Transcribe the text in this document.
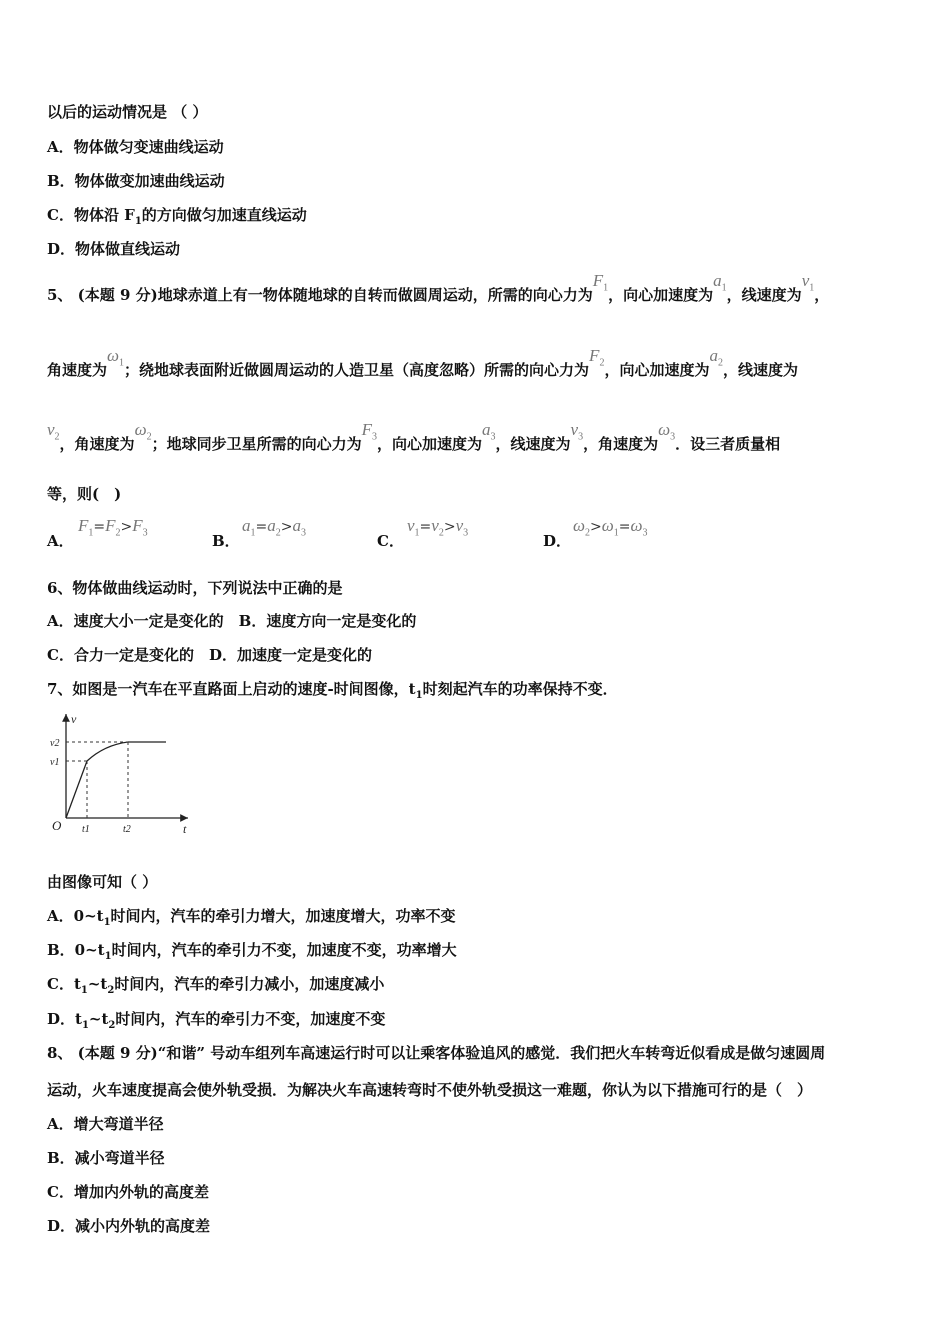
以后的运动情况是 （ ）
A．物体做匀变速曲线运动
B．物体做变加速曲线运动
C．物体沿 $F_1$的方向做匀加速直线运动
D．物体做直线运动
5、 (本题 9 分)地球赤道上有一物体随地球的自转而做圆周运动，所需的向心力为$F_1$，向心加速度为$a_1$，线速度为$v_1$，
角速度为$\omega_1$；绕地球表面附近做圆周运动的人造卫星（高度忽略）所需的向心力为$F_2$，向心加速度为$a_2$，线速度为
$v_2$，角速度为$\omega_2$；地球同步卫星所需的向心力为$F_3$，向心加速度为$a_3$，线速度为$v_3$，角速度为$\omega_3$．设三者质量相
等，则(　)
A．
$F_1=F_2>F_3$	B．
$a_1=a_2>a_3$	C．
$v_1=v_2>v_3$	D．
$\omega_2>\omega_1=\omega_3$
6、物体做曲线运动时，下列说法中正确的是
A．速度大小一定是变化的　B．速度方向一定是变化的
C．合力一定是变化的　D．加速度一定是变化的
7、如图是一汽车在平直路面上启动的速度-时间图像，$t_1$时刻起汽车的功率保持不变．
v
t
O
v2
v1
t1	t2
由图像可知（ ）
A．$0\sim t_1$时间内，汽车的牵引力增大，加速度增大，功率不变
B．$0\sim t_1$时间内，汽车的牵引力不变，加速度不变，功率增大
C．$t_1\sim t_2$时间内，汽车的牵引力减小，加速度减小
D．$t_1\sim t_2$时间内，汽车的牵引力不变，加速度不变
8、 (本题 9 分)“和谐” 号动车组列车高速运行时可以让乘客体验追风的感觉．我们把火车转弯近似看成是做匀速圆周
运动，火车速度提高会使外轨受损．为解决火车高速转弯时不使外轨受损这一难题，你认为以下措施可行的是（　）
A．增大弯道半径
B．减小弯道半径
C．增加内外轨的高度差
D．减小内外轨的高度差
